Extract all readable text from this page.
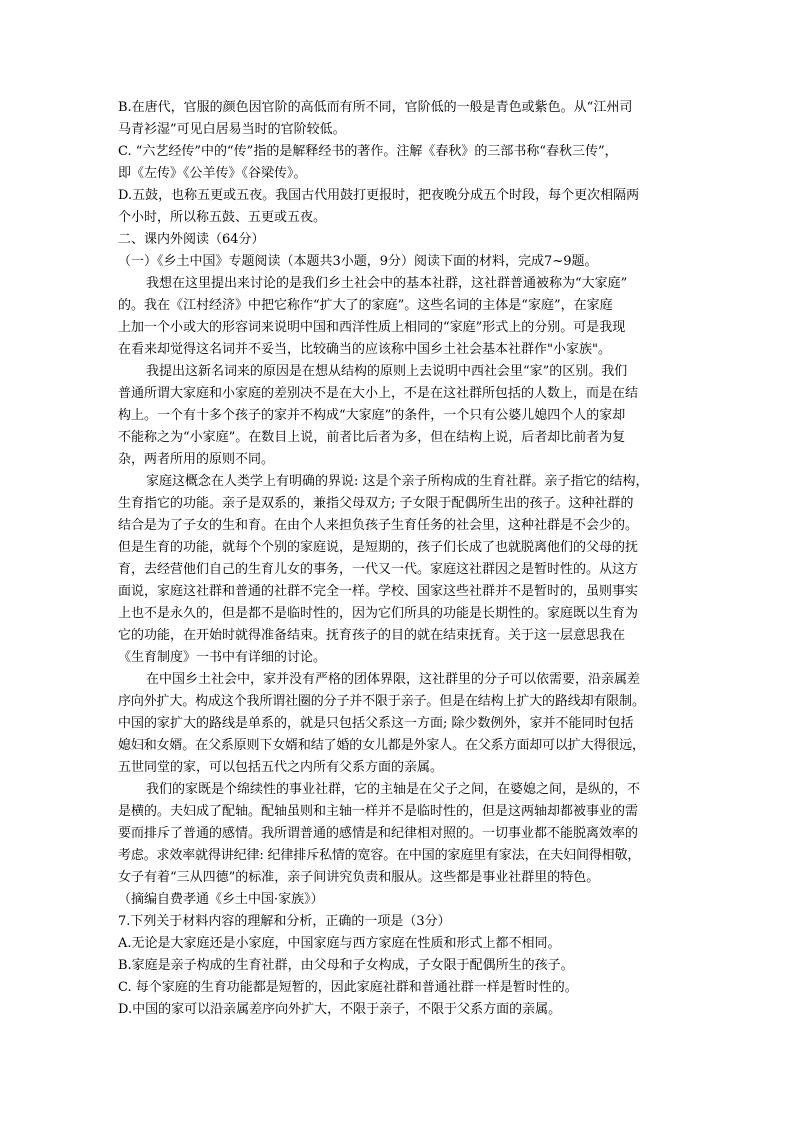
B.在唐代，官服的颜色因官阶的高低而有所不同，官阶低的一般是青色或紫色。从“江州司
马青衫湿”可见白居易当时的官阶较低。
C. “六艺经传”中的“传”指的是解释经书的著作。注解《春秋》的三部书称“春秋三传”，
即《左传》《公羊传》《谷梁传》。
D.五鼓，也称五更或五夜。我国古代用鼓打更报时，把夜晚分成五个时段，每个更次相隔两
个小时，所以称五鼓、五更或五夜。
二、课内外阅读（64分）
（一）《乡土中国》专题阅读（本题共3小题，9分）阅读下面的材料，完成7~9题。
我想在这里提出来讨论的是我们乡土社会中的基本社群，这社群普通被称为“大家庭”
的。我在《江村经济》中把它称作“扩大了的家庭”。这些名词的主体是“家庭”，在家庭
上加一个小或大的形容词来说明中国和西洋性质上相同的“家庭”形式上的分别。可是我现
在看来却觉得这名词并不妥当，比较确当的应该称中国乡土社会基本社群作"小家族"。
我提出这新名词来的原因是在想从结构的原则上去说明中西社会里“家”的区别。我们
普通所谓大家庭和小家庭的差别决不是在大小上，不是在这社群所包括的人数上，而是在结
构上。一个有十多个孩子的家并不构成“大家庭”的条件，一个只有公婆儿媳四个人的家却
不能称之为“小家庭”。在数目上说，前者比后者为多，但在结构上说，后者却比前者为复
杂，两者所用的原则不同。
家庭这概念在人类学上有明确的界说: 这是个亲子所构成的生育社群。亲子指它的结构，
生育指它的功能。亲子是双系的，兼指父母双方; 子女限于配偶所生出的孩子。这种社群的
结合是为了子女的生和育。在由个人来担负孩子生育任务的社会里，这种社群是不会少的。
但是生育的功能，就每个个别的家庭说，是短期的，孩子们长成了也就脱离他们的父母的抚
育，去经营他们自己的生育儿女的事务，一代又一代。家庭这社群因之是暂时性的。从这方
面说，家庭这社群和普通的社群不完全一样。学校、国家这些社群并不是暂时的，虽则事实
上也不是永久的，但是都不是临时性的，因为它们所具的功能是长期性的。家庭既以生育为
它的功能，在开始时就得准备结束。抚育孩子的目的就在结束抚育。关于这一层意思我在
《生育制度》一书中有详细的讨论。
在中国乡土社会中，家并没有严格的团体界限，这社群里的分子可以依需要，沿亲属差
序向外扩大。构成这个我所谓社圈的分子并不限于亲子。但是在结构上扩大的路线却有限制。
中国的家扩大的路线是单系的，就是只包括父系这一方面; 除少数例外，家并不能同时包括
媳妇和女婿。在父系原则下女婿和结了婚的女儿都是外家人。在父系方面却可以扩大得很远，
五世同堂的家，可以包括五代之内所有父系方面的亲属。
我们的家既是个绵续性的事业社群，它的主轴是在父子之间，在婆媳之间，是纵的，不
是横的。夫妇成了配轴。配轴虽则和主轴一样并不是临时性的，但是这两轴却都被事业的需
要而排斥了普通的感情。我所谓普通的感情是和纪律相对照的。一切事业都不能脱离效率的
考虑。求效率就得讲纪律: 纪律排斥私情的宽容。在中国的家庭里有家法，在夫妇间得相敬，
女子有着“三从四德”的标准，亲子间讲究负责和服从。这些都是事业社群里的特色。
（摘编自费孝通《乡土中国·家族》）
7.下列关于材料内容的理解和分析，正确的一项是（3分）
A.无论是大家庭还是小家庭，中国家庭与西方家庭在性质和形式上都不相同。
B.家庭是亲子构成的生育社群，由父母和子女构成，子女限于配偶所生的孩子。
C. 每个家庭的生育功能都是短暂的，因此家庭社群和普通社群一样是暂时性的。
D.中国的家可以沿亲属差序向外扩大，不限于亲子，不限于父系方面的亲属。
